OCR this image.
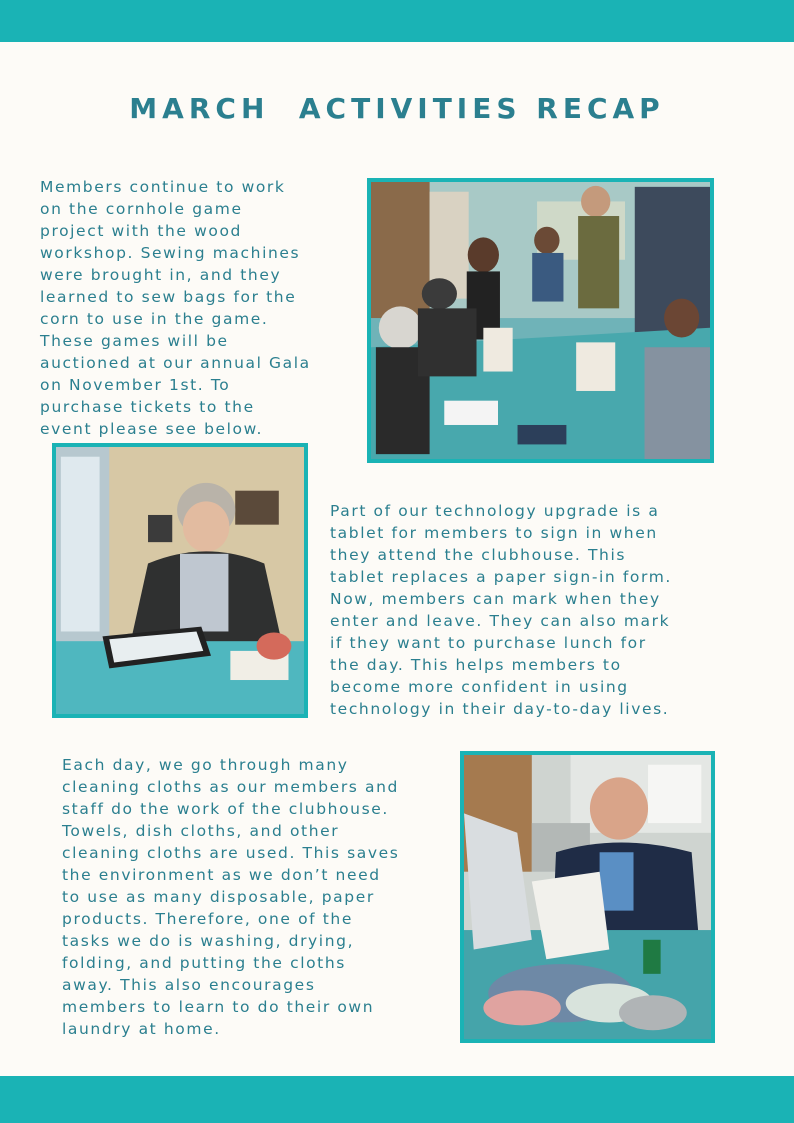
MARCH  ACTIVITIES RECAP

Members continue to work
on the cornhole game
project with the wood
workshop. Sewing machines
were brought in, and they
learned to sew bags for the
corn to use in the game.
These games will be
auctioned at our annual Gala
on November 1st. To
purchase tickets to the
event please see below.

Part of our technology upgrade is a
tablet for members to sign in when
they attend the clubhouse. This
tablet replaces a paper sign-in form.
Now, members can mark when they
enter and leave. They can also mark
if they want to purchase lunch for
the day. This helps members to
become more confident in using
technology in their day-to-day lives.

Each day, we go through many
cleaning cloths as our members and
staff do the work of the clubhouse.
Towels, dish cloths, and other
cleaning cloths are used. This saves
the environment as we don’t need
to use as many disposable, paper
products. Therefore, one of the
tasks we do is washing, drying,
folding, and putting the cloths
away. This also encourages
members to learn to do their own
laundry at home.
